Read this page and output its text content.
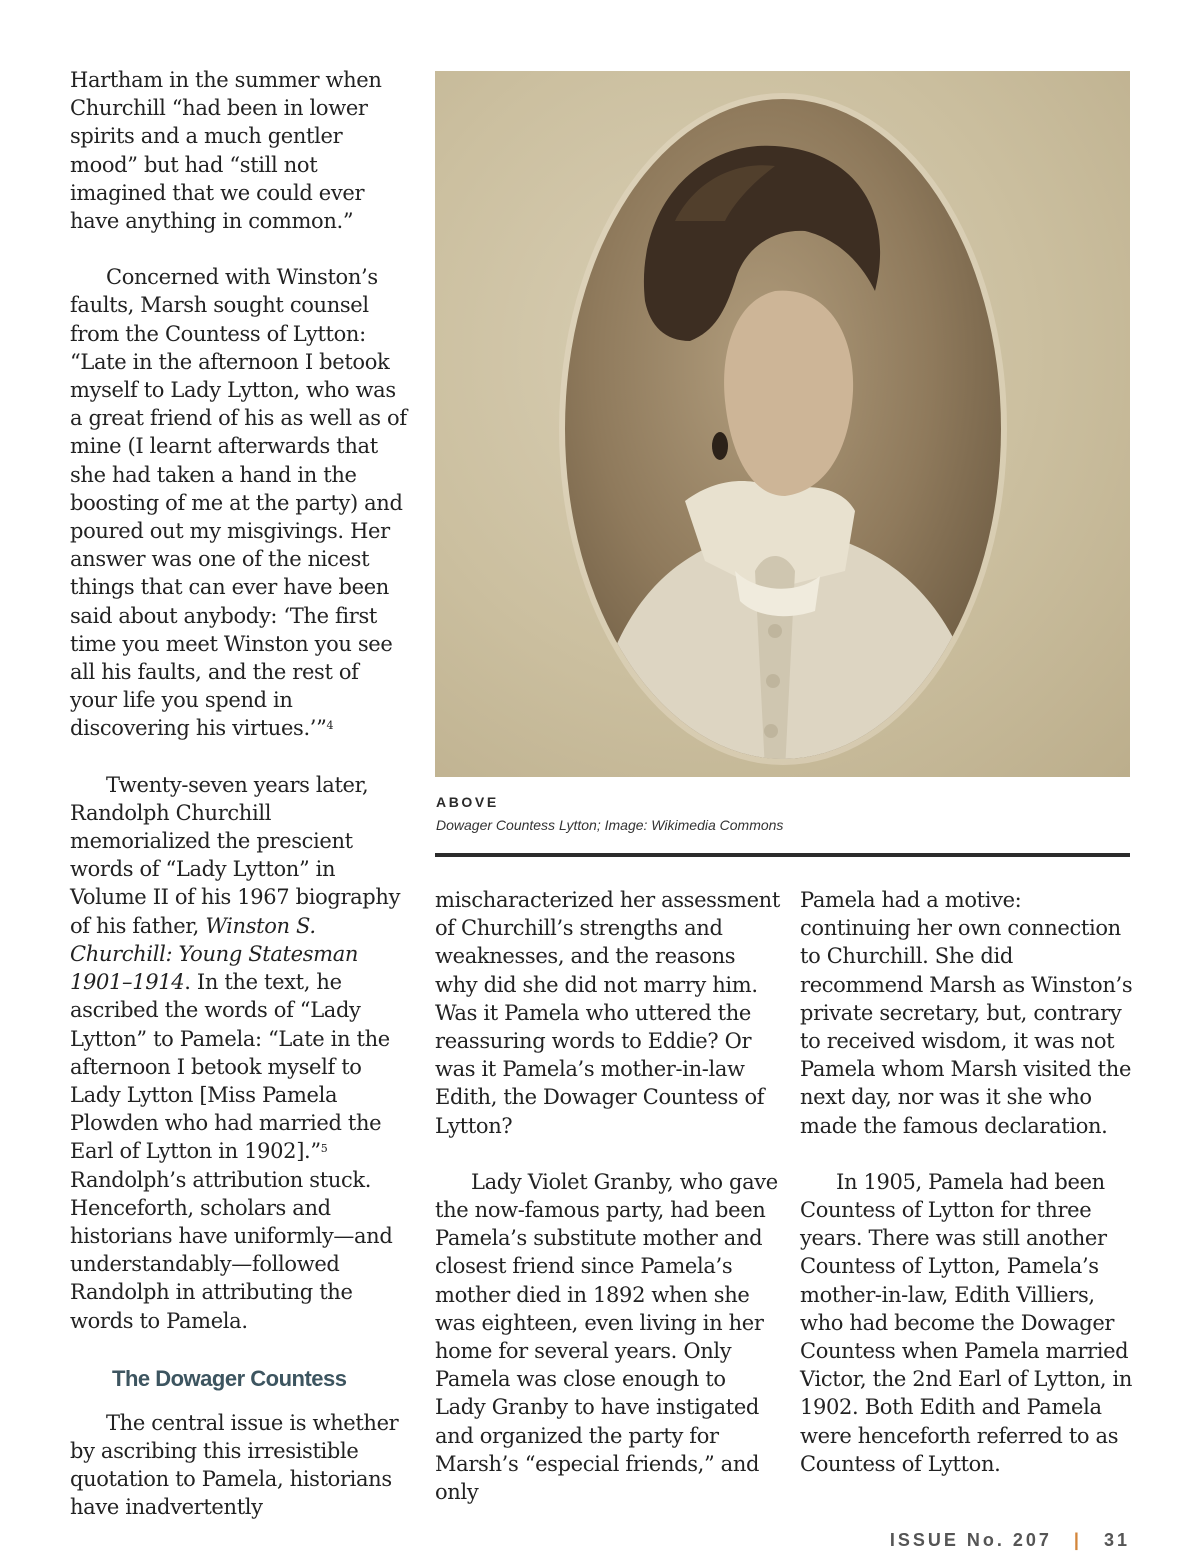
Hartham in the summer when Churchill “had been in lower spirits and a much gentler mood” but had “still not imagined that we could ever have anything in common.”

Concerned with Winston’s faults, Marsh sought counsel from the Countess of Lytton: “Late in the afternoon I betook myself to Lady Lytton, who was a great friend of his as well as of mine (I learnt afterwards that she had taken a hand in the boosting of me at the party) and poured out my misgivings. Her answer was one of the nicest things that can ever have been said about anybody: ‘The first time you meet Winston you see all his faults, and the rest of your life you spend in discovering his virtues.’”$^4$

Twenty-seven years later, Randolph Churchill memorialized the prescient words of “Lady Lytton” in Volume II of his 1967 biography of his father, Winston S. Churchill: Young Statesman 1901–1914. In the text, he ascribed the words of “Lady Lytton” to Pamela: “Late in the afternoon I betook myself to Lady Lytton [Miss Pamela Plowden who had married the Earl of Lytton in 1902].”$^5$ Randolph’s attribution stuck. Henceforth, scholars and historians have uniformly—and understandably—followed Randolph in attributing the words to Pamela.

The Dowager Countess

The central issue is whether by ascribing this irresistible quotation to Pamela, historians have inadvertently

ABOVE
Dowager Countess Lytton; Image: Wikimedia Commons

mischaracterized her assessment of Churchill’s strengths and weaknesses, and the reasons why did she did not marry him. Was it Pamela who uttered the reassuring words to Eddie? Or was it Pamela’s mother-in-law Edith, the Dowager Countess of Lytton?

Lady Violet Granby, who gave the now-famous party, had been Pamela’s substitute mother and closest friend since Pamela’s mother died in 1892 when she was eighteen, even living in her home for several years. Only Pamela was close enough to Lady Granby to have instigated and organized the party for Marsh’s “especial friends,” and only

Pamela had a motive: continuing her own connection to Churchill. She did recommend Marsh as Winston’s private secretary, but, contrary to received wisdom, it was not Pamela whom Marsh visited the next day, nor was it she who made the famous declaration.

In 1905, Pamela had been Countess of Lytton for three years. There was still another Countess of Lytton, Pamela’s mother-in-law, Edith Villiers, who had become the Dowager Countess when Pamela married Victor, the 2nd Earl of Lytton, in 1902. Both Edith and Pamela were henceforth referred to as Countess of Lytton.

ISSUE No. 207 | 31
